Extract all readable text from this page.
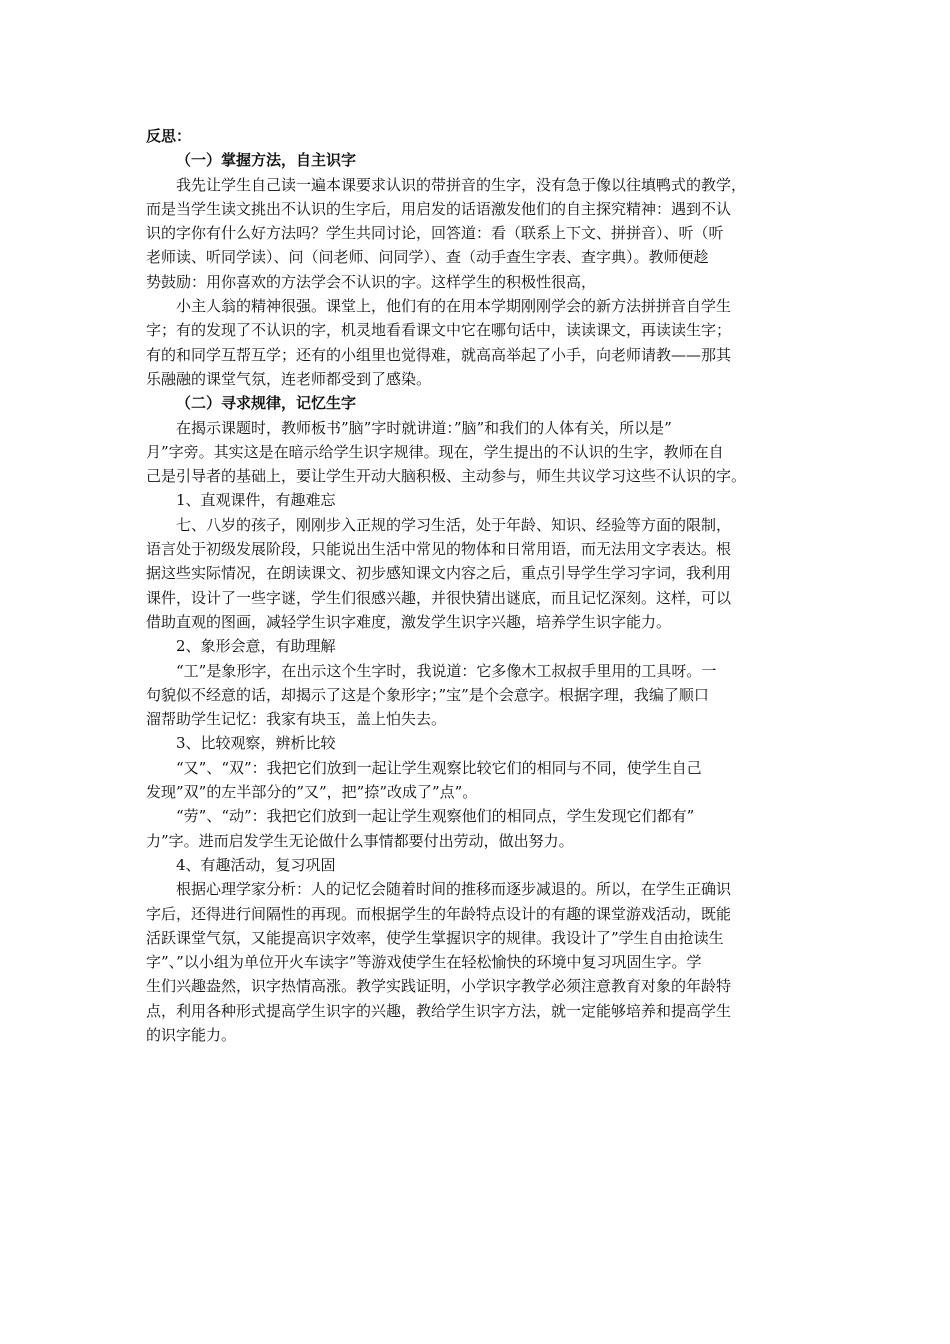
反思：
（一）掌握方法，自主识字
我先让学生自己读一遍本课要求认识的带拼音的生字，没有急于像以往填鸭式的教学，
而是当学生读文挑出不认识的生字后，用启发的话语激发他们的自主探究精神：遇到不认
识的字你有什么好方法吗？学生共同讨论，回答道：看（联系上下文、拼拼音）、听（听
老师读、听同学读）、问（问老师、问同学）、查（动手查生字表、查字典）。教师便趁
势鼓励：用你喜欢的方法学会不认识的字。这样学生的积极性很高，
小主人翁的精神很强。课堂上，他们有的在用本学期刚刚学会的新方法拼拼音自学生
字；有的发现了不认识的字，机灵地看看课文中它在哪句话中，读读课文，再读读生字；
有的和同学互帮互学；还有的小组里也觉得难，就高高举起了小手，向老师请教——那其
乐融融的课堂气氛，连老师都受到了感染。
（二）寻求规律，记忆生字
在揭示课题时，教师板书”脑”字时就讲道：”脑”和我们的人体有关，所以是”
月”字旁。其实这是在暗示给学生识字规律。现在，学生提出的不认识的生字，教师在自
己是引导者的基础上，要让学生开动大脑积极、主动参与，师生共议学习这些不认识的字。
1、直观课件，有趣难忘
七、八岁的孩子，刚刚步入正规的学习生活，处于年龄、知识、经验等方面的限制，
语言处于初级发展阶段，只能说出生活中常见的物体和日常用语，而无法用文字表达。根
据这些实际情况，在朗读课文、初步感知课文内容之后，重点引导学生学习字词，我利用
课件，设计了一些字谜，学生们很感兴趣，并很快猜出谜底，而且记忆深刻。这样，可以
借助直观的图画，减轻学生识字难度，激发学生识字兴趣，培养学生识字能力。
2、象形会意，有助理解
“工”是象形字，在出示这个生字时，我说道：它多像木工叔叔手里用的工具呀。一
句貌似不经意的话，却揭示了这是个象形字；”宝”是个会意字。根据字理，我编了顺口
溜帮助学生记忆：我家有块玉，盖上怕失去。
3、比较观察，辨析比较
“又”、“双”：我把它们放到一起让学生观察比较它们的相同与不同，使学生自己
发现”双”的左半部分的”又”，把”捺”改成了”点”。
“劳”、“动”：我把它们放到一起让学生观察他们的相同点，学生发现它们都有”
力”字。进而启发学生无论做什么事情都要付出劳动，做出努力。
4、有趣活动，复习巩固
根据心理学家分析：人的记忆会随着时间的推移而逐步减退的。所以，在学生正确识
字后，还得进行间隔性的再现。而根据学生的年龄特点设计的有趣的课堂游戏活动，既能
活跃课堂气氛，又能提高识字效率，使学生掌握识字的规律。我设计了”学生自由抢读生
字”、”以小组为单位开火车读字”等游戏使学生在轻松愉快的环境中复习巩固生字。学
生们兴趣盎然，识字热情高涨。教学实践证明，小学识字教学必须注意教育对象的年龄特
点，利用各种形式提高学生识字的兴趣，教给学生识字方法，就一定能够培养和提高学生
的识字能力。
